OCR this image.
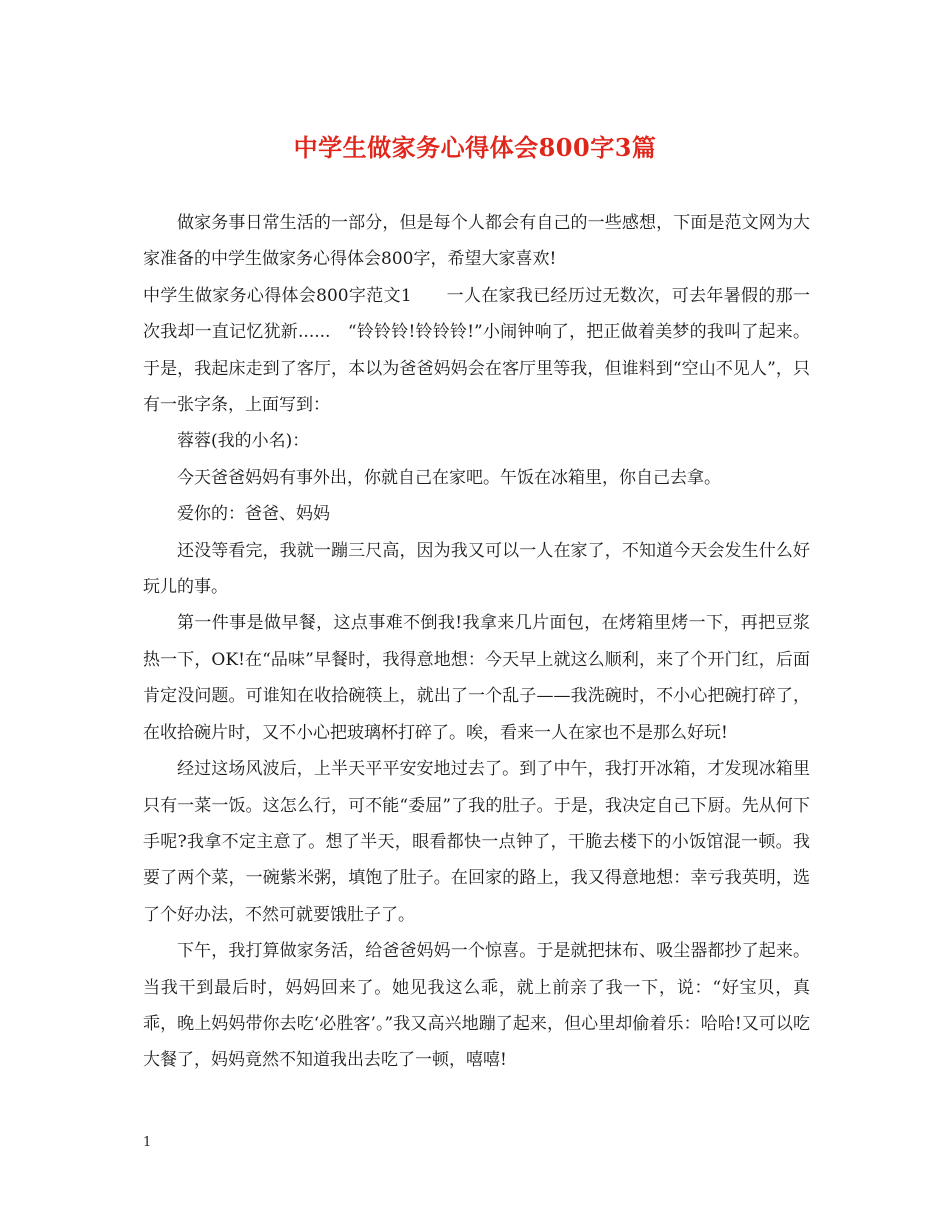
中学生做家务心得体会800字3篇

做家务事日常生活的一部分，但是每个人都会有自己的一些感想，下面是范文网为大家准备的中学生做家务心得体会800字，希望大家喜欢!

中学生做家务心得体会800字范文1　　一人在家我已经历过无数次，可去年暑假的那一次我却一直记忆犹新......　“铃铃铃!铃铃铃!”小闹钟响了，把正做着美梦的我叫了起来。于是，我起床走到了客厅，本以为爸爸妈妈会在客厅里等我，但谁料到“空山不见人”，只有一张字条，上面写到：

蓉蓉(我的小名)：

今天爸爸妈妈有事外出，你就自己在家吧。午饭在冰箱里，你自己去拿。

爱你的：爸爸、妈妈

还没等看完，我就一蹦三尺高，因为我又可以一人在家了，不知道今天会发生什么好玩儿的事。

第一件事是做早餐，这点事难不倒我!我拿来几片面包，在烤箱里烤一下，再把豆浆热一下，OK!在“品味”早餐时，我得意地想：今天早上就这么顺利，来了个开门红，后面肯定没问题。可谁知在收拾碗筷上，就出了一个乱子——我洗碗时，不小心把碗打碎了，在收拾碗片时，又不小心把玻璃杯打碎了。唉，看来一人在家也不是那么好玩!

经过这场风波后，上半天平平安安地过去了。到了中午，我打开冰箱，才发现冰箱里只有一菜一饭。这怎么行，可不能“委屈”了我的肚子。于是，我决定自己下厨。先从何下手呢?我拿不定主意了。想了半天，眼看都快一点钟了，干脆去楼下的小饭馆混一顿。我要了两个菜，一碗紫米粥，填饱了肚子。在回家的路上，我又得意地想：幸亏我英明，选了个好办法，不然可就要饿肚子了。

下午，我打算做家务活，给爸爸妈妈一个惊喜。于是就把抹布、吸尘器都抄了起来。当我干到最后时，妈妈回来了。她见我这么乖，就上前亲了我一下，说：“好宝贝，真乖，晚上妈妈带你去吃‘必胜客’。”我又高兴地蹦了起来，但心里却偷着乐：哈哈!又可以吃大餐了，妈妈竟然不知道我出去吃了一顿，嘻嘻!

1
